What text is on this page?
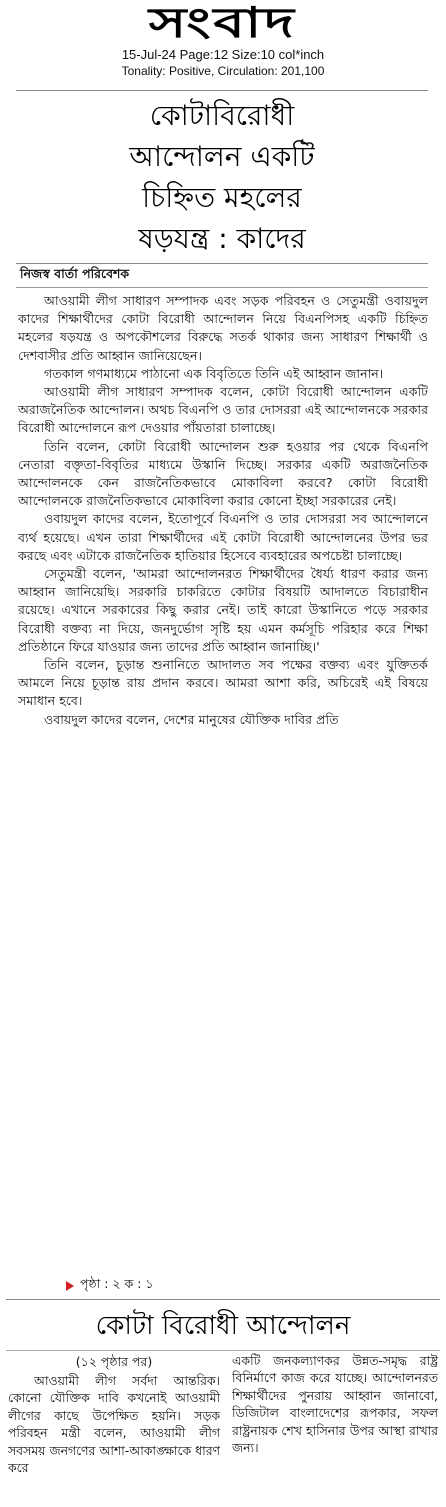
সংবাদ
15-Jul-24 Page:12 Size:10 col*inch
Tonality: Positive, Circulation: 201,100
কোটাবিরোধী
আন্দোলন একটি
চিহ্নিত মহলের
ষড়যন্ত্র : কাদের
নিজস্ব বার্তা পরিবেশক

আওয়ামী লীগ সাধারণ সম্পাদক এবং সড়ক পরিবহন ও সেতুমন্ত্রী ওবায়দুল কাদের শিক্ষার্থীদের কোটা বিরোধী আন্দোলন নিয়ে বিএনপিসহ একটি চিহ্নিত মহলের ষড়যন্ত্র ও অপকৌশলের বিরুদ্ধে সতর্ক থাকার জন্য সাধারণ শিক্ষার্থী ও দেশবাসীর প্রতি আহ্বান জানিয়েছেন।

গতকাল গণমাধ্যমে পাঠানো এক বিবৃতিতে তিনি এই আহ্বান জানান।

আওয়ামী লীগ সাধারণ সম্পাদক বলেন, কোটা বিরোধী আন্দোলন একটি অরাজনৈতিক আন্দোলন। অথচ বিএনপি ও তার দোসররা এই আন্দোলনকে সরকার বিরোধী আন্দোলনে রূপ দেওয়ার পাঁয়তারা চালাচ্ছে।

তিনি বলেন, কোটা বিরোধী আন্দোলন শুরু হওয়ার পর থেকে বিএনপি নেতারা বক্তৃতা-বিবৃতির মাধ্যমে উস্কানি দিচ্ছে। সরকার একটি অরাজনৈতিক আন্দোলনকে কেন রাজনৈতিকভাবে মোকাবিলা করবে? কোটা বিরোধী আন্দোলনকে রাজনৈতিকভাবে মোকাবিলা করার কোনো ইচ্ছা সরকারের নেই।

ওবায়দুল কাদের বলেন, ইতোপূর্বে বিএনপি ও তার দোসররা সব আন্দোলনে ব্যর্থ হয়েছে। এখন তারা শিক্ষার্থীদের এই কোটা বিরোধী আন্দোলনের উপর ভর করছে এবং এটাকে রাজনৈতিক হাতিয়ার হিসেবে ব্যবহারের অপচেষ্টা চালাচ্ছে।

সেতুমন্ত্রী বলেন, 'আমরা আন্দোলনরত শিক্ষার্থীদের ধৈর্য্য ধারণ করার জন্য আহ্বান জানিয়েছি। সরকারি চাকরিতে কোটার বিষয়টি আদালতে বিচারাধীন রয়েছে। এখানে সরকারের কিছু করার নেই। তাই কারো উস্কানিতে পড়ে সরকার বিরোধী বক্তব্য না দিয়ে, জনদুর্ভোগ সৃষ্টি হয় এমন কর্মসূচি পরিহার করে শিক্ষা প্রতিষ্ঠানে ফিরে যাওয়ার জন্য তাদের প্রতি আহ্বান জানাচ্ছি।'

তিনি বলেন, চূড়ান্ত শুনানিতে আদালত সব পক্ষের বক্তব্য এবং যুক্তিতর্ক আমলে নিয়ে চূড়ান্ত রায় প্রদান করবে। আমরা আশা করি, অচিরেই এই বিষয়ে সমাধান হবে।

ওবায়দুল কাদের বলেন, দেশের মানুষের যৌক্তিক দাবির প্রতি

পৃষ্ঠা : ২ ক : ১
কোটা বিরোধী আন্দোলন

(১২ পৃষ্ঠার পর)

আওয়ামী লীগ সর্বদা আন্তরিক। কোনো যৌক্তিক দাবি কখনোই আওয়ামী লীগের কাছে উপেক্ষিত হয়নি। সড়ক পরিবহন মন্ত্রী বলেন, আওয়ামী লীগ সবসময় জনগণের আশা-আকাঙ্ক্ষাকে ধারণ করে

একটি জনকল্যাণকর উন্নত-সমৃদ্ধ রাষ্ট্র বিনির্মাণে কাজ করে যাচ্ছে। আন্দোলনরত শিক্ষার্থীদের পুনরায় আহ্বান জানাবো, ডিজিটাল বাংলাদেশের রূপকার, সফল রাষ্ট্রনায়ক শেখ হাসিনার উপর আস্থা রাখার জন্য।
